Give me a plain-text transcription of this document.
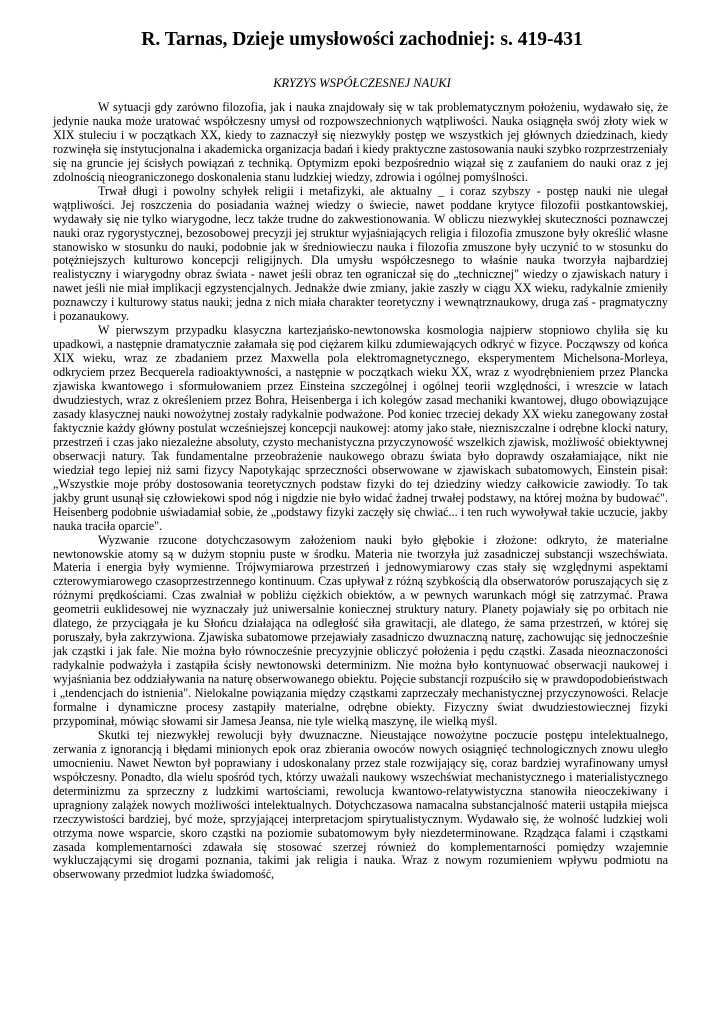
R. Tarnas, Dzieje umysłowości zachodniej: s. 419-431
KRYZYS WSPÓŁCZESNEJ NAUKI

W sytuacji gdy zarówno filozofia, jak i nauka znajdowały się w tak problematycznym położeniu, wydawało się, że jedynie nauka może uratować współczesny umysł od rozpowszechnionych wątpliwości. Nauka osiągnęła swój złoty wiek w XIX stuleciu i w początkach XX, kiedy to zaznaczył się niezwykły postęp we wszystkich jej głównych dziedzinach, kiedy rozwinęła się instytucjonalna i akademicka organizacja badań i kiedy praktyczne zastosowania nauki szybko rozprzestrzeniały się na gruncie jej ścisłych powiązań z techniką. Optymizm epoki bezpośrednio wiązał się z zaufaniem do nauki oraz z jej zdolnością nieograniczonego doskonalenia stanu ludzkiej wiedzy, zdrowia i ogólnej pomyślności.

Trwał długi i powolny schyłek religii i metafizyki, ale aktualny _ i coraz szybszy - postęp nauki nie ulegał wątpliwości. Jej roszczenia do posiadania ważnej wiedzy o świecie, nawet poddane krytyce filozofii postkantowskiej, wydawały się nie tylko wiarygodne, lecz także trudne do zakwestionowania. W obliczu niezwykłej skuteczności poznawczej nauki oraz rygorystycznej, bezosobowej precyzji jej struktur wyjaśniających religia i filozofia zmuszone były określić własne stanowisko w stosunku do nauki, podobnie jak w średniowieczu nauka i filozofia zmuszone były uczynić to w stosunku do potężniejszych kulturowo koncepcji religijnych. Dla umysłu współczesnego to właśnie nauka tworzyła najbardziej realistyczny i wiarygodny obraz świata - nawet jeśli obraz ten ograniczał się do „technicznej" wiedzy o zjawiskach natury i nawet jeśli nie miał implikacji egzystencjalnych. Jednakże dwie zmiany, jakie zaszły w ciągu XX wieku, radykalnie zmieniły poznawczy i kulturowy status nauki; jedna z nich miała charakter teoretyczny i wewnątrznaukowy, druga zaś - pragmatyczny i pozanaukowy.

W pierwszym przypadku klasyczna kartezjańsko-newtonowska kosmologia najpierw stopniowo chyliła się ku upadkowi, a następnie dramatycznie załamała się pod ciężarem kilku zdumiewających odkryć w fizyce. Począwszy od końca XIX wieku, wraz ze zbadaniem przez Maxwella pola elektromagnetycznego, eksperymentem Michelsona-Morleya, odkryciem przez Becquerela radioaktywności, a następnie w początkach wieku XX, wraz z wyodrębnieniem przez Plancka zjawiska kwantowego i sformułowaniem przez Einsteina szczególnej i ogólnej teorii względności, i wreszcie w latach dwudziestych, wraz z określeniem przez Bohra, Heisenberga i ich kolegów zasad mechaniki kwantowej, długo obowiązujące zasady klasycznej nauki nowożytnej zostały radykalnie podważone. Pod koniec trzeciej dekady XX wieku zanegowany został faktycznie każdy główny postulat wcześniejszej koncepcji naukowej: atomy jako stałe, niezniszczalne i odrębne klocki natury, przestrzeń i czas jako niezależne absoluty, czysto mechanistyczna przyczynowość wszelkich zjawisk, możliwość obiektywnej obserwacji natury. Tak fundamentalne przeobrażenie naukowego obrazu świata było doprawdy oszałamiające, nikt nie wiedział tego lepiej niż sami fizycy Napotykając sprzeczności obserwowane w zjawiskach subatomowych, Einstein pisał: „Wszystkie moje próby dostosowania teoretycznych podstaw fizyki do tej dziedziny wiedzy całkowicie zawiodły. To tak jakby grunt usunął się człowiekowi spod nóg i nigdzie nie było widać żadnej trwałej podstawy, na której można by budować". Heisenberg podobnie uświadamiał sobie, że „podstawy fizyki zaczęły się chwiać... i ten ruch wywoływał takie uczucie, jakby nauka traciła oparcie".

Wyzwanie rzucone dotychczasowym założeniom nauki było głębokie i złożone: odkryto, że materialne newtonowskie atomy są w dużym stopniu puste w środku. Materia nie tworzyła już zasadniczej substancji wszechświata. Materia i energia były wymienne. Trójwymiarowa przestrzeń i jednowymiarowy czas stały się względnymi aspektami czterowymiarowego czasoprzestrzennego kontinuum. Czas upływał z różną szybkością dla obserwatorów poruszających się z różnymi prędkościami. Czas zwalniał w pobliżu ciężkich obiektów, a w pewnych warunkach mógł się zatrzymać. Prawa geometrii euklidesowej nie wyznaczały już uniwersalnie koniecznej struktury natury. Planety pojawiały się po orbitach nie dlatego, że przyciągała je ku Słońcu działająca na odległość siła grawitacji, ale dlatego, że sama przestrzeń, w której się poruszały, była zakrzywiona. Zjawiska subatomowe przejawiały zasadniczo dwuznaczną naturę, zachowując się jednocześnie jak cząstki i jak fale. Nie można było równocześnie precyzyjnie obliczyć położenia i pędu cząstki. Zasada nieoznaczoności radykalnie podważyła i zastąpiła ścisły newtonowski determinizm. Nie można było kontynuować obserwacji naukowej i wyjaśniania bez oddziaływania na naturę obserwowanego obiektu. Pojęcie substancji rozpuściło się w prawdopodobieństwach i „tendencjach do istnienia". Nielokalne powiązania między cząstkami zaprzeczały mechanistycznej przyczynowości. Relacje formalne i dynamiczne procesy zastąpiły materialne, odrębne obiekty. Fizyczny świat dwudziestowiecznej fizyki przypominał, mówiąc słowami sir Jamesa Jeansa, nie tyle wielką maszynę, ile wielką myśl.

Skutki tej niezwykłej rewolucji były dwuznaczne. Nieustające nowożytne poczucie postępu intelektualnego, zerwania z ignorancją i błędami minionych epok oraz zbierania owoców nowych osiągnięć technologicznych znowu uległo umocnieniu. Nawet Newton był poprawiany i udoskonalany przez stale rozwijający się, coraz bardziej wyrafinowany umysł współczesny. Ponadto, dla wielu spośród tych, którzy uważali naukowy wszechświat mechanistycznego i materialistycznego determinizmu za sprzeczny z ludzkimi wartościami, rewolucja kwantowo-relatywistyczna stanowiła nieoczekiwany i upragniony zalążek nowych możliwości intelektualnych. Dotychczasowa namacalna substancjalność materii ustąpiła miejsca rzeczywistości bardziej, być może, sprzyjającej interpretacjom spirytualistycznym. Wydawało się, że wolność ludzkiej woli otrzyma nowe wsparcie, skoro cząstki na poziomie subatomowym były niezdeterminowane. Rządząca falami i cząstkami zasada komplementarności zdawała się stosować szerzej również do komplementarności pomiędzy wzajemnie wykluczającymi się drogami poznania, takimi jak religia i nauka. Wraz z nowym rozumieniem wpływu podmiotu na obserwowany przedmiot ludzka świadomość,
